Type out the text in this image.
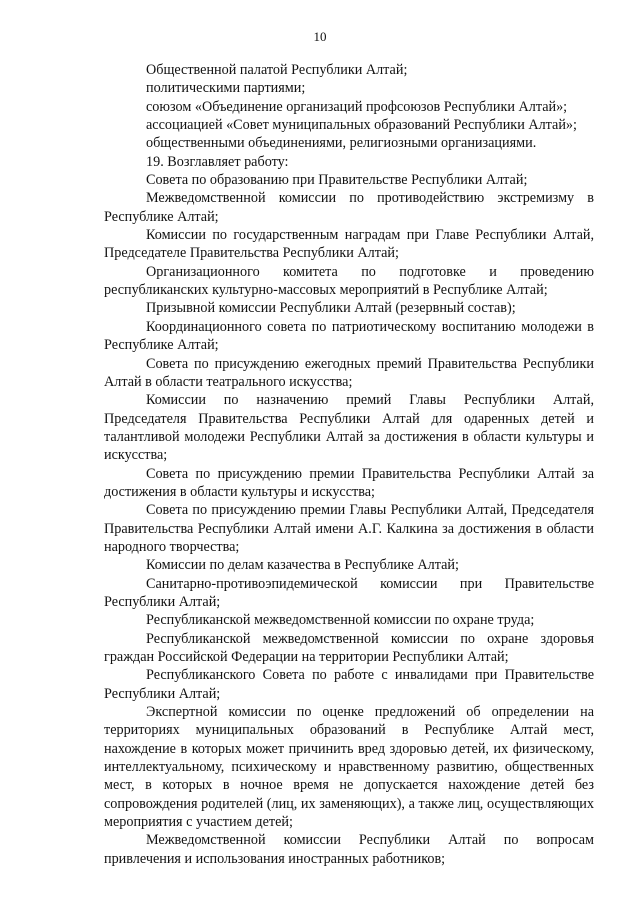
10

Общественной палатой Республики Алтай;

политическими партиями;

союзом «Объединение организаций профсоюзов Республики Алтай»;

ассоциацией «Совет муниципальных образований Республики Алтай»;

общественными объединениями, религиозными организациями.

19. Возглавляет работу:

Совета по образованию при Правительстве Республики Алтай;

Межведомственной комиссии по противодействию экстремизму в Республике Алтай;

Комиссии по государственным наградам при Главе Республики Алтай, Председателе Правительства Республики Алтай;

Организационного комитета по подготовке и проведению республиканских культурно-массовых мероприятий в Республике Алтай;

Призывной комиссии Республики Алтай (резервный состав);

Координационного совета по патриотическому воспитанию молодежи в Республике Алтай;

Совета по присуждению ежегодных премий Правительства Республики Алтай в области театрального искусства;

Комиссии по назначению премий Главы Республики Алтай, Председателя Правительства Республики Алтай для одаренных детей и талантливой молодежи Республики Алтай за достижения в области культуры и искусства;

Совета по присуждению премии Правительства Республики Алтай за достижения в области культуры и искусства;

Совета по присуждению премии Главы Республики Алтай, Председателя Правительства Республики Алтай имени А.Г. Калкина за достижения в области народного творчества;

Комиссии по делам казачества в Республике Алтай;

Санитарно-противоэпидемической комиссии при Правительстве Республики Алтай;

Республиканской межведомственной комиссии по охране труда;

Республиканской межведомственной комиссии по охране здоровья граждан Российской Федерации на территории Республики Алтай;

Республиканского Совета по работе с инвалидами при Правительстве Республики Алтай;

Экспертной комиссии по оценке предложений об определении на территориях муниципальных образований в Республике Алтай мест, нахождение в которых может причинить вред здоровью детей, их физическому, интеллектуальному, психическому и нравственному развитию, общественных мест, в которых в ночное время не допускается нахождение детей без сопровождения родителей (лиц, их заменяющих), а также лиц, осуществляющих мероприятия с участием детей;

Межведомственной комиссии Республики Алтай по вопросам привлечения и использования иностранных работников;
